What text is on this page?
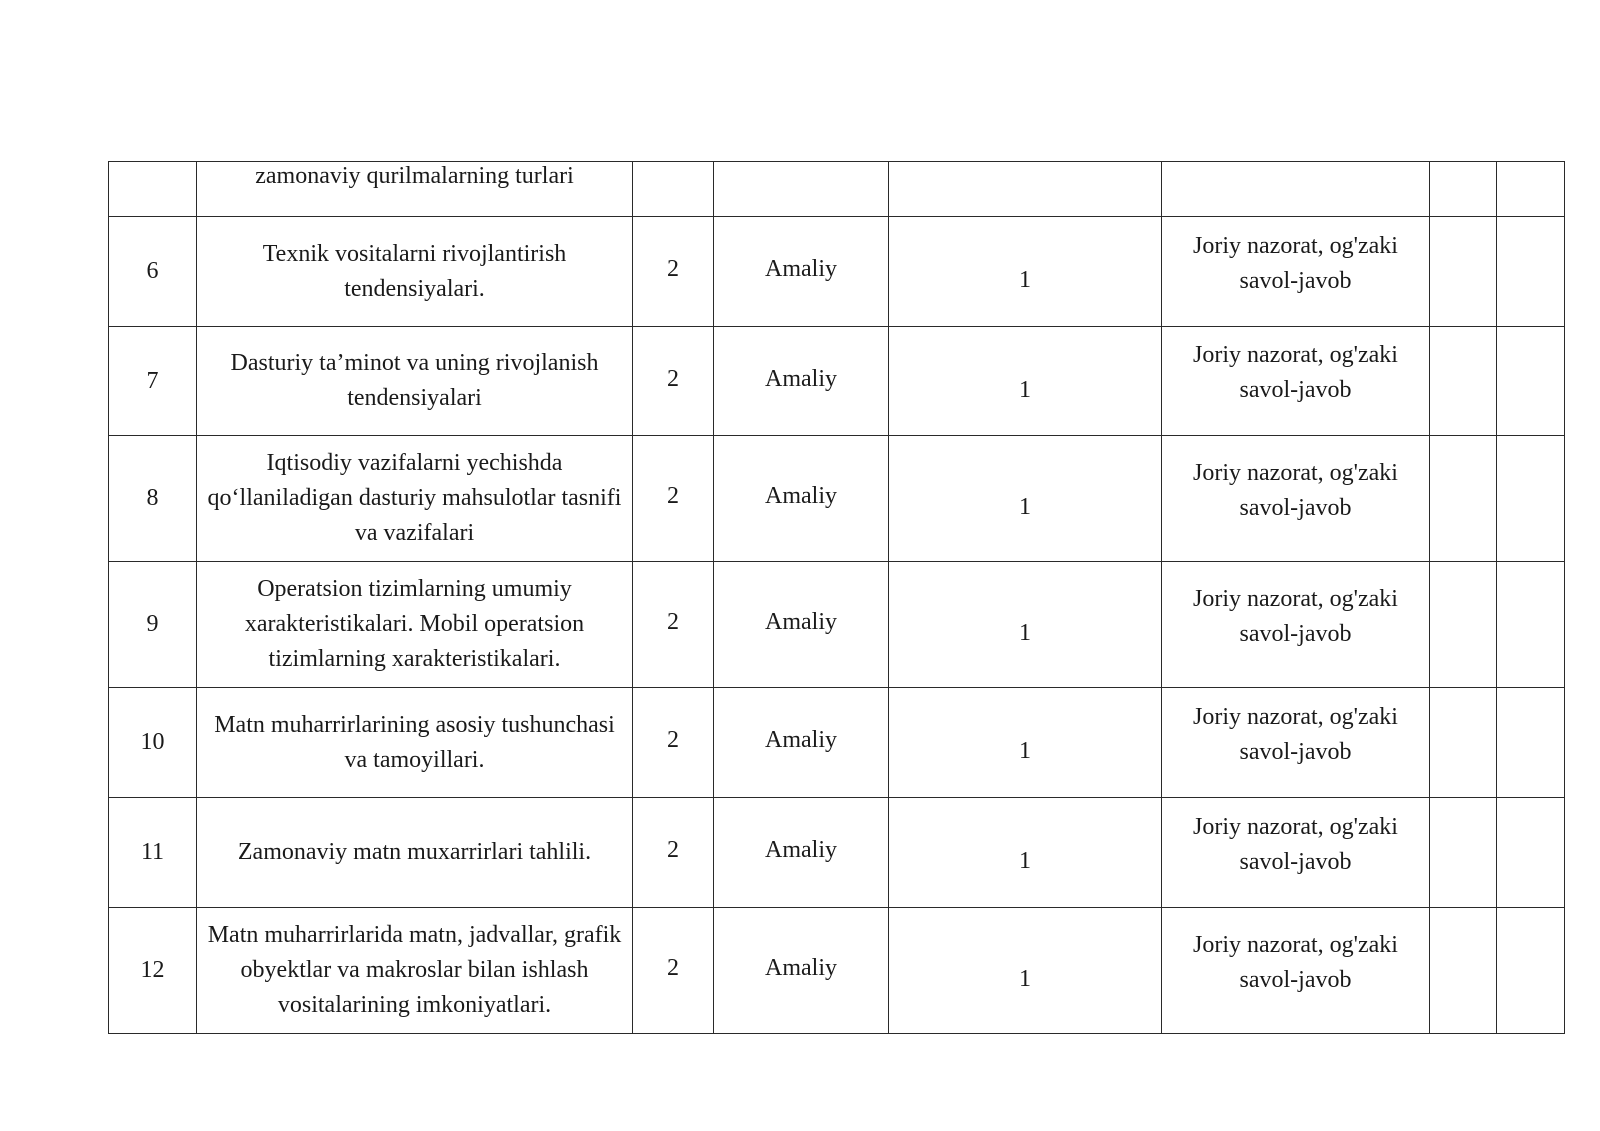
	zamonaviy qurilmalarning turlari						
6	Texnik vositalarni rivojlantirish tendensiyalari.	2	Amaliy	1	Joriy nazorat, og'zaki savol-javob		
7	Dasturiy ta’minot va uning rivojlanish tendensiyalari	2	Amaliy	1	Joriy nazorat, og'zaki savol-javob		
8	Iqtisodiy vazifalarni yechishda qo‘llaniladigan dasturiy mahsulotlar tasnifi va vazifalari	2	Amaliy	1	Joriy nazorat, og'zaki savol-javob		
9	Operatsion tizimlarning umumiy xarakteristikalari. Mobil operatsion tizimlarning xarakteristikalari.	2	Amaliy	1	Joriy nazorat, og'zaki savol-javob		
10	Matn muharrirlarining asosiy tushunchasi va tamoyillari.	2	Amaliy	1	Joriy nazorat, og'zaki savol-javob		
11	Zamonaviy matn muxarrirlari tahlili.	2	Amaliy	1	Joriy nazorat, og'zaki savol-javob		
12	Matn muharrirlarida matn, jadvallar, grafik obyektlar va makroslar bilan ishlash vositalarining imkoniyatlari.	2	Amaliy	1	Joriy nazorat, og'zaki savol-javob		
